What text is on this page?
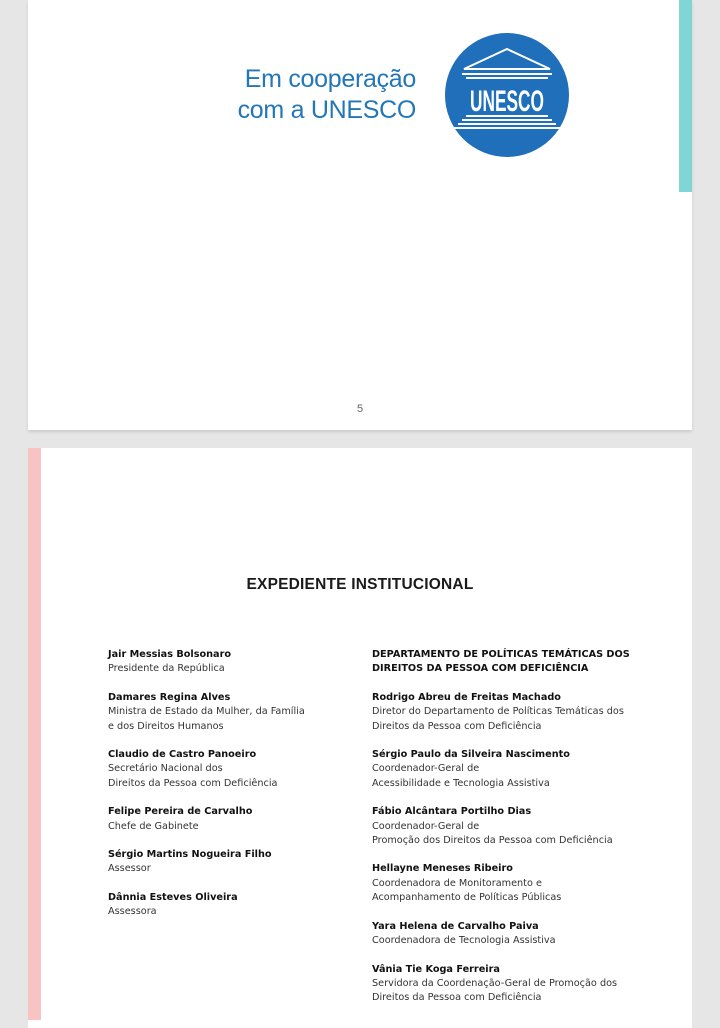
Em cooperação
com a UNESCO UNESCO
5
EXPEDIENTE INSTITUCIONAL
Jair Messias Bolsonaro
Presidente da República
Damares Regina Alves
Ministra de Estado da Mulher, da Família
e dos Direitos Humanos
Claudio de Castro Panoeiro
Secretário Nacional dos
Direitos da Pessoa com Deficiência
Felipe Pereira de Carvalho
Chefe de Gabinete
Sérgio Martins Nogueira Filho
Assessor
Dânnia Esteves Oliveira
Assessora
DEPARTAMENTO DE POLÍTICAS TEMÁTICAS DOS
DIREITOS DA PESSOA COM DEFICIÊNCIA
Rodrigo Abreu de Freitas Machado
Diretor do Departamento de Políticas Temáticas dos
Direitos da Pessoa com Deficiência
Sérgio Paulo da Silveira Nascimento
Coordenador-Geral de
Acessibilidade e Tecnologia Assistiva
Fábio Alcântara Portilho Dias
Coordenador-Geral de
Promoção dos Direitos da Pessoa com Deficiência
Hellayne Meneses Ribeiro
Coordenadora de Monitoramento e
Acompanhamento de Políticas Públicas
Yara Helena de Carvalho Paiva
Coordenadora de Tecnologia Assistiva
Vânia Tie Koga Ferreira
Servidora da Coordenação-Geral de Promoção dos
Direitos da Pessoa com Deficiência
